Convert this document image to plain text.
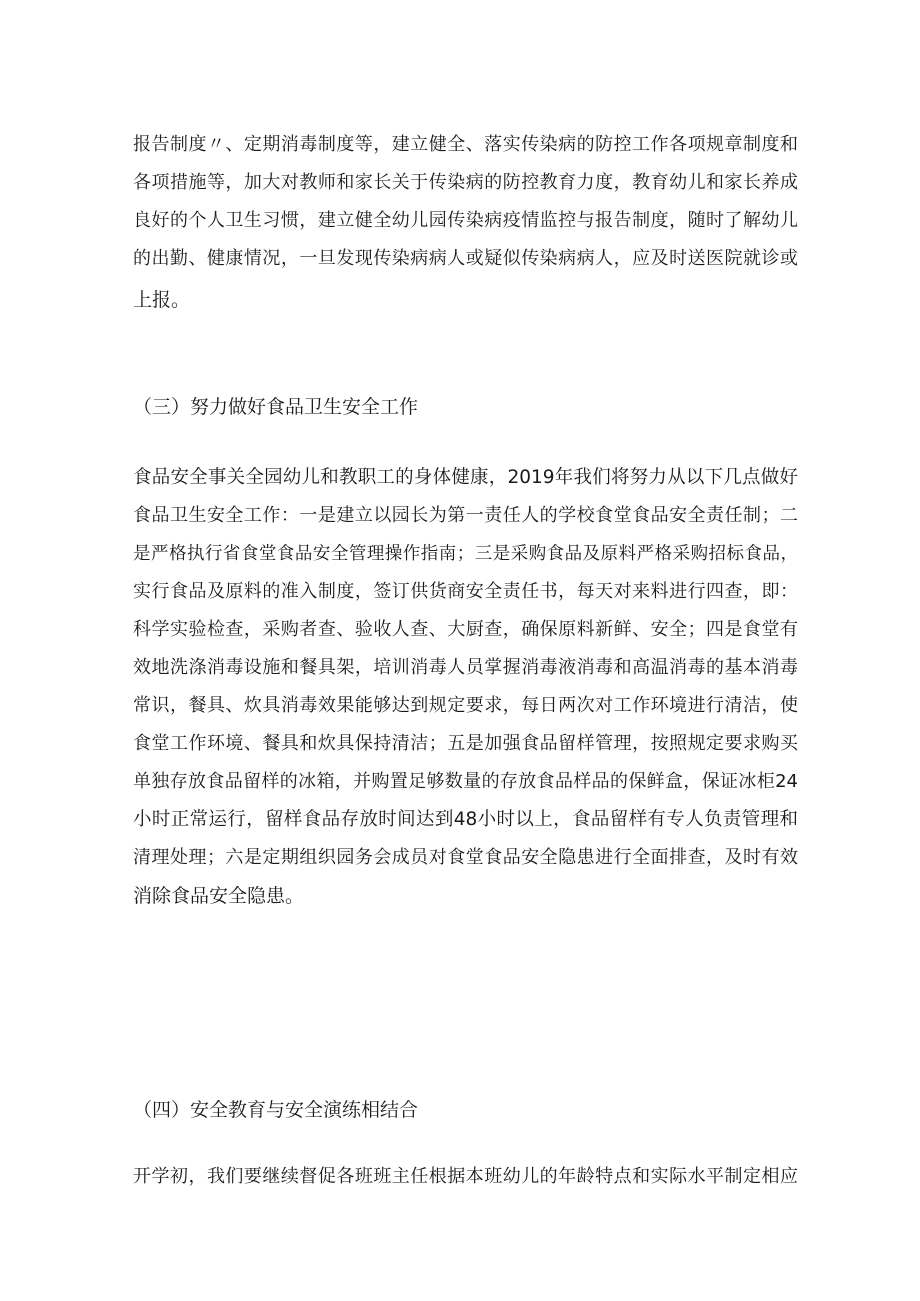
报告制度〃、定期消毒制度等，建立健全、落实传染病的防控工作各项规章制度和
各项措施等，加大对教师和家长关于传染病的防控教育力度，教育幼儿和家长养成
良好的个人卫生习惯，建立健全幼儿园传染病疫情监控与报告制度，随时了解幼儿
的出勤、健康情况，一旦发现传染病病人或疑似传染病病人，应及时送医院就诊或
上报。
（三）努力做好食品卫生安全工作
食品安全事关全园幼儿和教职工的身体健康，2019年我们将努力从以下几点做好
食品卫生安全工作：一是建立以园长为第一责任人的学校食堂食品安全责任制；二
是严格执行省食堂食品安全管理操作指南；三是采购食品及原料严格采购招标食品，
实行食品及原料的准入制度，签订供货商安全责任书，每天对来料进行四查，即：
科学实验检查，采购者查、验收人查、大厨查，确保原料新鲜、安全；四是食堂有
效地洗涤消毒设施和餐具架，培训消毒人员掌握消毒液消毒和高温消毒的基本消毒
常识，餐具、炊具消毒效果能够达到规定要求，每日两次对工作环境进行清洁，使
食堂工作环境、餐具和炊具保持清洁；五是加强食品留样管理，按照规定要求购买
单独存放食品留样的冰箱，并购置足够数量的存放食品样品的保鲜盒，保证冰柜24
小时正常运行，留样食品存放时间达到48小时以上，食品留样有专人负责管理和
清理处理；六是定期组织园务会成员对食堂食品安全隐患进行全面排查，及时有效
消除食品安全隐患。
（四）安全教育与安全演练相结合
开学初，我们要继续督促各班班主任根据本班幼儿的年龄特点和实际水平制定相应
